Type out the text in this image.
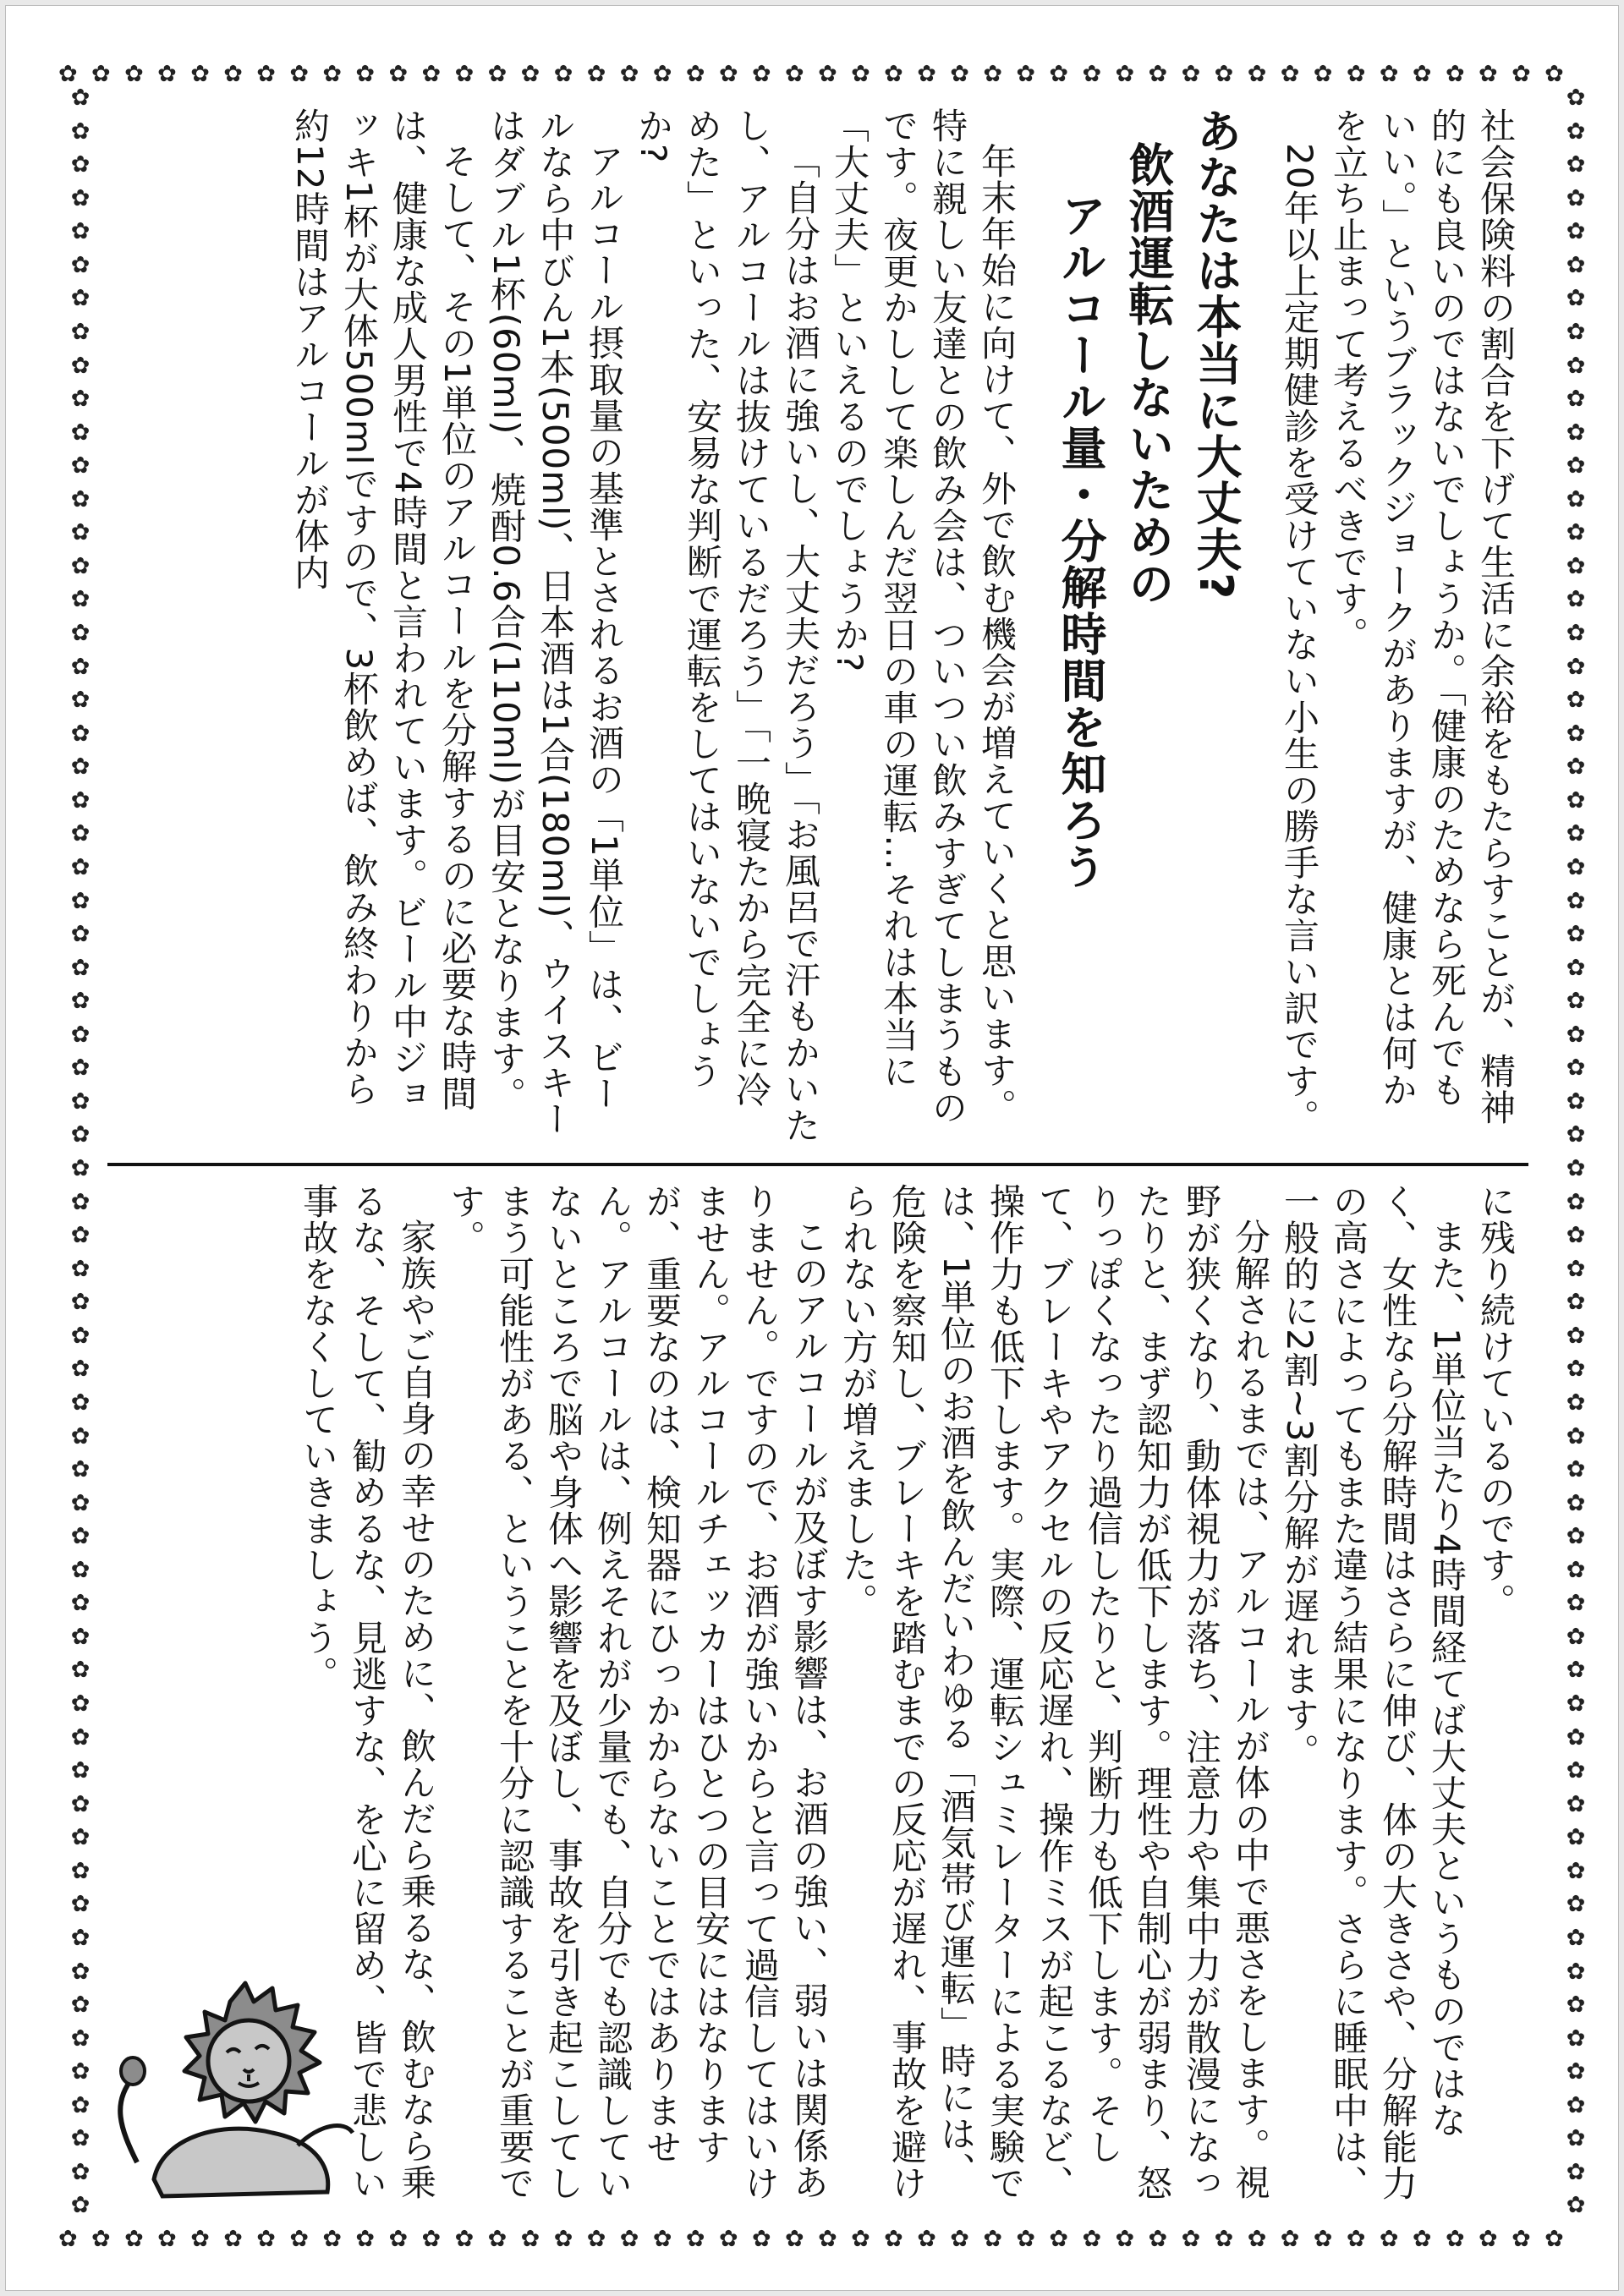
✿ ✿ ✿ ✿ ✿ ✿ ✿ ✿ ✿ ✿ ✿ ✿ ✿ ✿ ✿ ✿ ✿ ✿ ✿ ✿ ✿ ✿ ✿ ✿ ✿ ✿ ✿ ✿ ✿ ✿ ✿ ✿ ✿ ✿ ✿ ✿ ✿ ✿ ✿ ✿ ✿ ✿ ✿ ✿ ✿ ✿
✿ ✿ ✿ ✿ ✿ ✿ ✿ ✿ ✿ ✿ ✿ ✿ ✿ ✿ ✿ ✿ ✿ ✿ ✿ ✿ ✿ ✿ ✿ ✿ ✿ ✿ ✿ ✿ ✿ ✿ ✿ ✿ ✿ ✿ ✿ ✿ ✿ ✿ ✿ ✿ ✿ ✿ ✿ ✿ ✿ ✿
✿
✿
✿
✿
✿
✿
✿
✿
✿
✿
✿
✿
✿
✿
✿
✿
✿
✿
✿
✿
✿
✿
✿
✿
✿
✿
✿
✿
✿
✿
✿
✿
✿
✿
✿
✿
✿
✿
✿
✿
✿
✿
✿
✿
✿
✿
✿
✿
✿
✿
✿
✿
✿
✿
✿
✿
✿
✿
✿
✿
✿
✿
✿
✿
✿
✿
✿
✿
✿
✿
✿
✿
✿
✿
✿
✿
✿
✿
✿
✿
✿
✿
✿
✿
✿
✿
✿
✿
✿
✿
✿
✿
✿
✿
✿
✿
✿
✿
✿
✿
✿
✿
✿
✿
✿
✿
✿
✿
✿
✿
✿
✿
✿
✿
✿
✿
✿
✿
✿
✿
✿
✿
✿
✿
✿
✿
✿
✿

社会保険料の割合を下げて生活に余裕をもたらすことが、精神的にも良いのではないでしょうか。「健康のためなら死んでもいい。」というブラックジョークがありますが、健康とは何かを立ち止まって考えるべきです。

20年以上定期健診を受けていない小生の勝手な言い訳です。

あなたは本当に大丈夫?

飲酒運転しないための

アルコール量・分解時間を知ろう

年末年始に向けて、外で飲む機会が増えていくと思います。特に親しい友達との飲み会は、ついつい飲みすぎてしまうものです。夜更かしして楽しんだ翌日の車の運転…それは本当に「大丈夫」といえるのでしょうか?

「自分はお酒に強いし、大丈夫だろう」「お風呂で汗もかいたし、アルコールは抜けているだろう」「一晩寝たから完全に冷めた」といった、安易な判断で運転をしてはいないでしょうか?

アルコール摂取量の基準とされるお酒の「1単位」は、ビールなら中びん1本(500ml)、日本酒は1合(180ml)、ウイスキーはダブル1杯(60ml)、焼酎0.6合(110ml)が目安となります。

そして、その1単位のアルコールを分解するのに必要な時間は、健康な成人男性で4時間と言われています。ビール中ジョッキ1杯が大体500mlですので、3杯飲めば、飲み終わりから約12時間はアルコールが体内

に残り続けているのです。

また、1単位当たり4時間経てば大丈夫というものではなく、女性なら分解時間はさらに伸び、体の大きさや、分解能力の高さによってもまた違う結果になります。さらに睡眠中は、一般的に2割~3割分解が遅れます。

分解されるまでは、アルコールが体の中で悪さをします。視野が狭くなり、動体視力が落ち、注意力や集中力が散漫になったりと、まず認知力が低下します。理性や自制心が弱まり、怒りっぽくなったり過信したりと、判断力も低下します。そして、ブレーキやアクセルの反応遅れ、操作ミスが起こるなど、操作力も低下します。実際、運転シュミレーターによる実験では、1単位のお酒を飲んだいわゆる「酒気帯び運転」時には、危険を察知し、ブレーキを踏むまでの反応が遅れ、事故を避けられない方が増えました。

このアルコールが及ぼす影響は、お酒の強い、弱いは関係ありません。ですので、お酒が強いからと言って過信してはいけません。アルコールチェッカーはひとつの目安にはなりますが、重要なのは、検知器にひっかからないことではありません。アルコールは、例えそれが少量でも、自分でも認識していないところで脳や身体へ影響を及ぼし、事故を引き起こしてしまう可能性がある、ということを十分に認識することが重要です。

家族やご自身の幸せのために、飲んだら乗るな、飲むなら乗るな、そして、勧めるな、見逃すな、を心に留め、皆で悲しい事故をなくしていきましょう。
